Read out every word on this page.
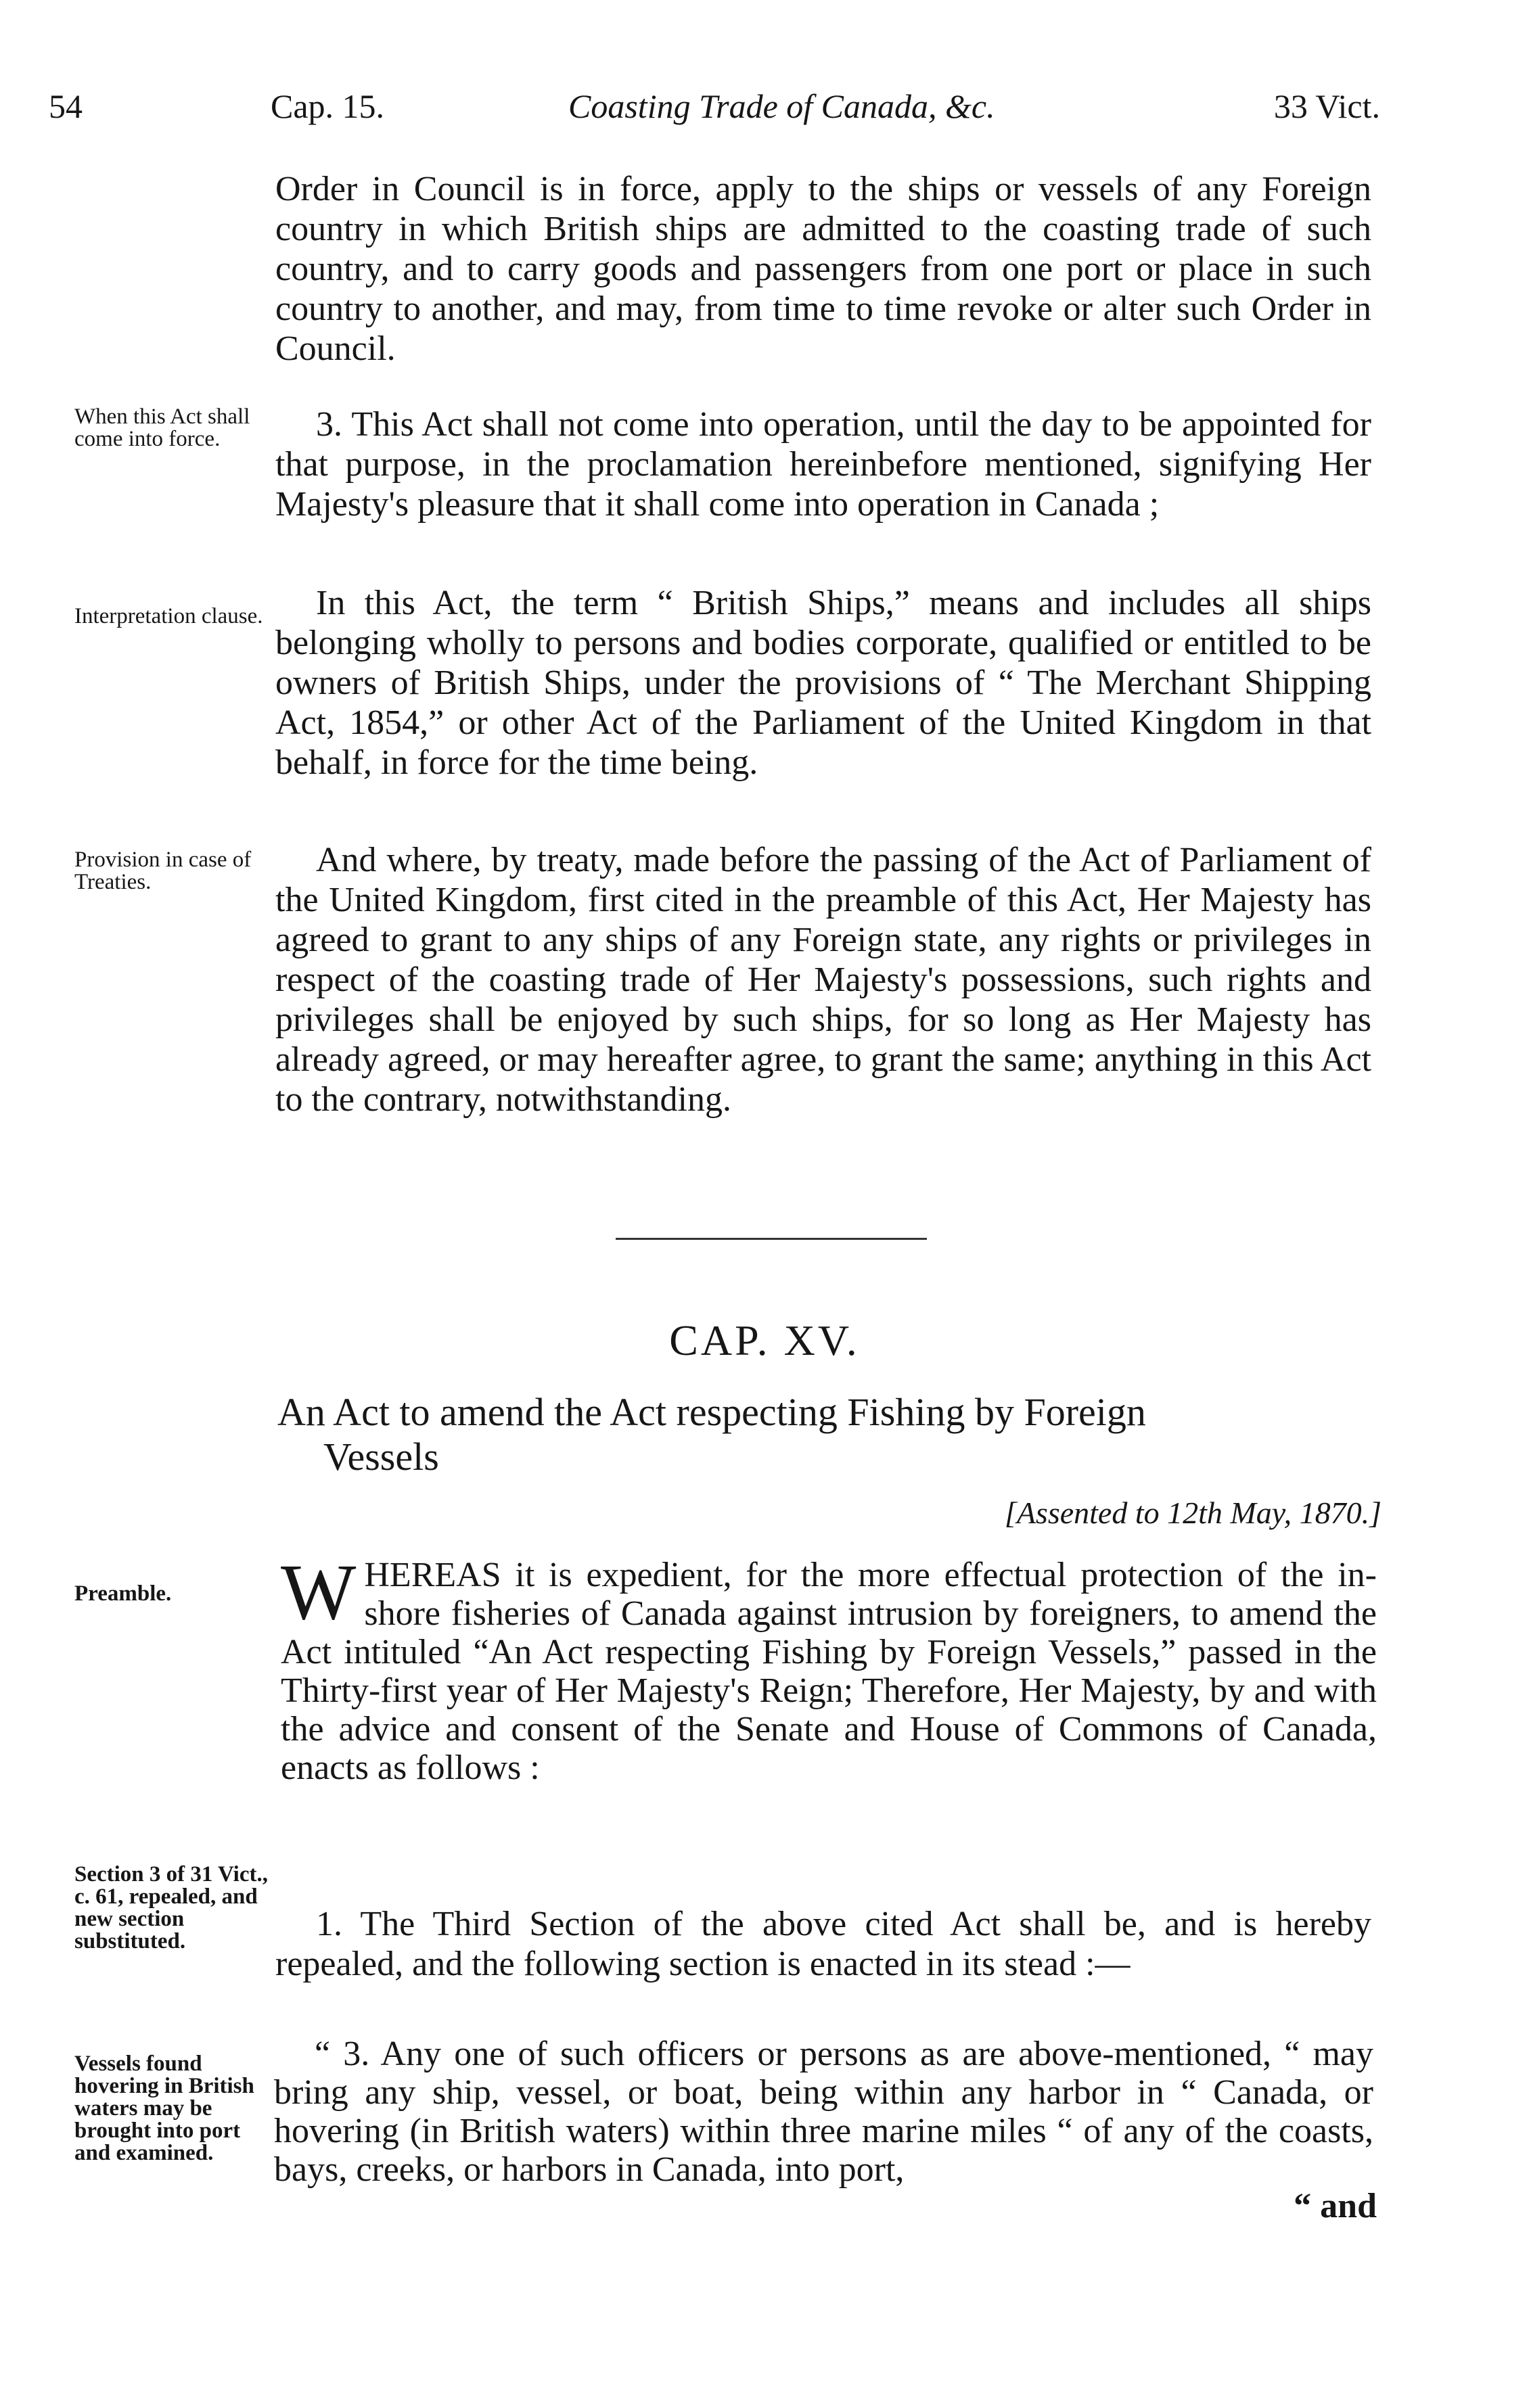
54	Cap. 15.	Coasting Trade of Canada, &c.	33 Vict.

Order in Council is in force, apply to the ships or vessels of any Foreign country in which British ships are admitted to the coasting trade of such country, and to carry goods and passengers from one port or place in such country to another, and may, from time to time revoke or alter such Order in Council.

When this Act shall come into force.	3. This Act shall not come into operation, until the day to be appointed for that purpose, in the proclamation hereinbefore mentioned, signifying Her Majesty's pleasure that it shall come into operation in Canada ;

Interpretation clause.	In this Act, the term “ British Ships,” means and includes all ships belonging wholly to persons and bodies corporate, qualified or entitled to be owners of British Ships, under the provisions of “ The Merchant Shipping Act, 1854,” or other Act of the Parliament of the United Kingdom in that behalf, in force for the time being.

Provision in case of Treaties.

And where, by treaty, made before the passing of the Act of Parliament of the United Kingdom, first cited in the preamble of this Act, Her Majesty has agreed to grant to any ships of any Foreign state, any rights or privileges in respect of the coasting trade of Her Majesty's possessions, such rights and privileges shall be enjoyed by such ships, for so long as Her Majesty has already agreed, or may hereafter agree, to grant the same; anything in this Act to the contrary, notwithstanding.

CAP. XV.
An Act to amend the Act respecting Fishing by Foreign
Vessels
[Assented to 12th May, 1870.]
Preamble.	WHEREAS it is expedient, for the more effectual protection of the in-shore fisheries of Canada against intrusion by foreigners, to amend the Act intituled “An Act respecting Fishing by Foreign Vessels,” passed in the Thirty-first year of Her Majesty's Reign; Therefore, Her Majesty, by and with the advice and consent of the Senate and House of Commons of Canada, enacts as follows :
Section 3 of 31 Vict., c. 61, repealed, and new section substituted.	1. The Third Section of the above cited Act shall be, and is hereby repealed, and the following section is enacted in its stead :—

Vessels found hovering in British waters may be brought into port and examined.

“ 3. Any one of such officers or persons as are above-mentioned, “ may bring any ship, vessel, or boat, being within any harbor in “ Canada, or hovering (in British waters) within three marine miles “ of any of the coasts, bays, creeks, or harbors in Canada, into port,

“ and
